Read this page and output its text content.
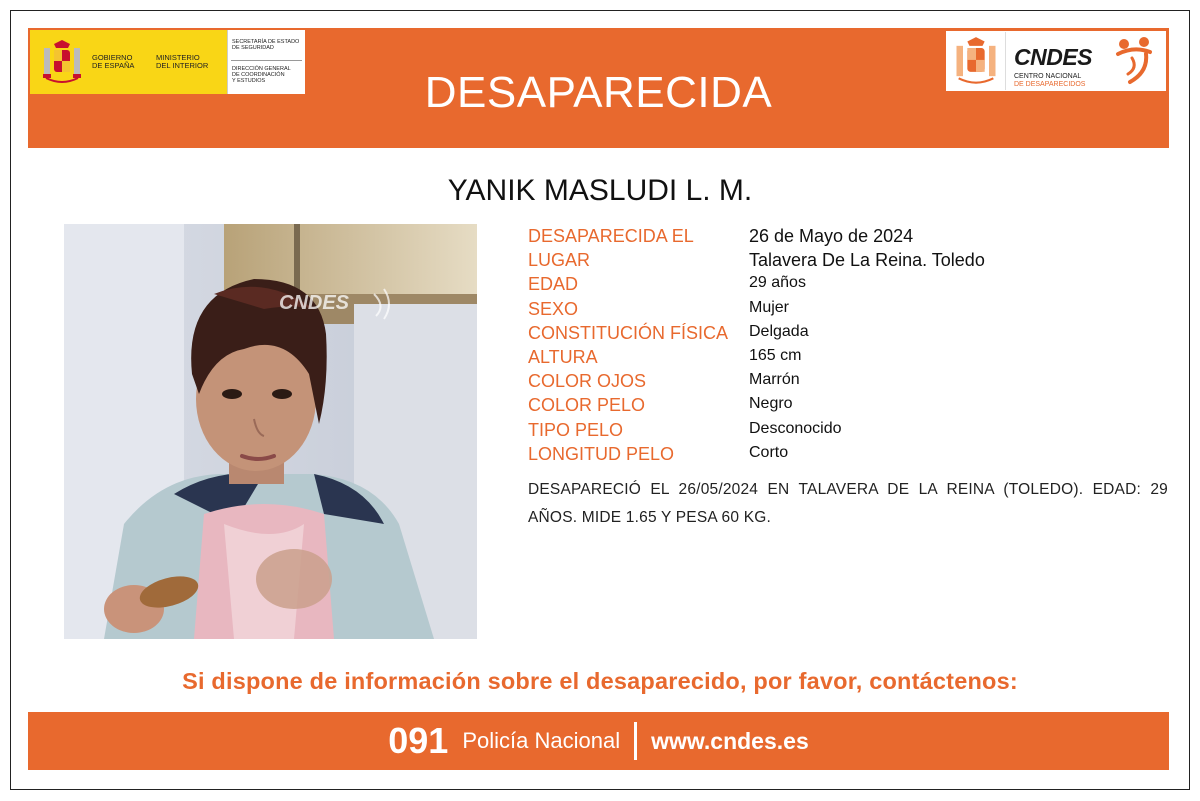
DESAPARECIDA
GOBIERNO
DE ESPAÑA
MINISTERIO
DEL INTERIOR
SECRETARÍA DE ESTADO
DE SEGURIDAD
DIRECCIÓN GENERAL
DE COORDINACIÓN
Y ESTUDIOS
CNDES
CENTRO NACIONAL
DE DESAPARECIDOS
YANIK MASLUDI L. M.
CNDES
DESAPARECIDA EL	26 de Mayo de 2024
LUGAR	Talavera De La Reina. Toledo
EDAD	29 años
SEXO	Mujer
CONSTITUCIÓN FÍSICA Delgada
ALTURA	165 cm
COLOR OJOS	Marrón
COLOR PELO	Negro
TIPO PELO	Desconocido
LONGITUD PELO	Corto
DESAPARECIÓ EL 26/05/2024 EN TALAVERA DE LA REINA (TOLEDO). EDAD: 29 AÑOS. MIDE 1.65 Y PESA 60 KG.
Si dispone de información sobre el desaparecido, por favor, contáctenos:
091 Policía Nacional www.cndes.es
